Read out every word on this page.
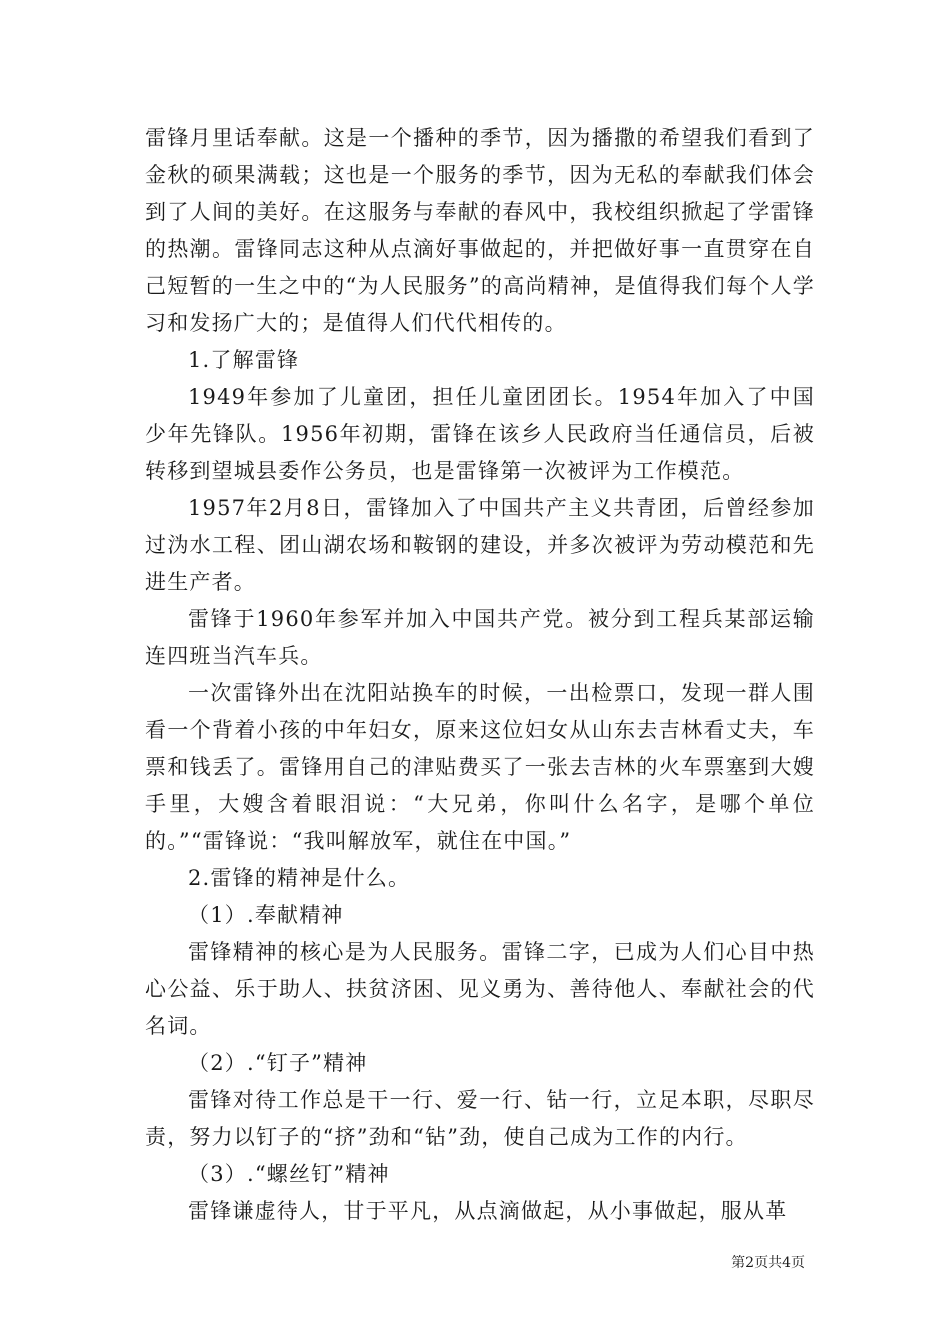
雷锋月里话奉献。这是一个播种的季节，因为播撒的希望我们看到了金秋的硕果满载；这也是一个服务的季节，因为无私的奉献我们体会到了人间的美好。在这服务与奉献的春风中，我校组织掀起了学雷锋的热潮。雷锋同志这种从点滴好事做起的，并把做好事一直贯穿在自己短暂的一生之中的“为人民服务”的高尚精神，是值得我们每个人学习和发扬广大的；是值得人们代代相传的。

1.了解雷锋

1949年参加了儿童团，担任儿童团团长。1954年加入了中国少年先锋队。1956年初期，雷锋在该乡人民政府当任通信员，后被转移到望城县委作公务员，也是雷锋第一次被评为工作模范。

1957年2月8日，雷锋加入了中国共产主义共青团，后曾经参加过沩水工程、团山湖农场和鞍钢的建设，并多次被评为劳动模范和先进生产者。

雷锋于1960年参军并加入中国共产党。被分到工程兵某部运输连四班当汽车兵。

一次雷锋外出在沈阳站换车的时候，一出检票口，发现一群人围看一个背着小孩的中年妇女，原来这位妇女从山东去吉林看丈夫，车票和钱丢了。雷锋用自己的津贴费买了一张去吉林的火车票塞到大嫂手里，大嫂含着眼泪说：“大兄弟，你叫什么名字，是哪个单位的。”“雷锋说：“我叫解放军，就住在中国。”

2.雷锋的精神是什么。

（1）.奉献精神

雷锋精神的核心是为人民服务。雷锋二字，已成为人们心目中热心公益、乐于助人、扶贫济困、见义勇为、善待他人、奉献社会的代名词。

（2）.“钉子”精神

雷锋对待工作总是干一行、爱一行、钻一行，立足本职，尽职尽责，努力以钉子的“挤”劲和“钻”劲，使自己成为工作的内行。

（3）.“螺丝钉”精神

雷锋谦虚待人，甘于平凡，从点滴做起，从小事做起，服从革

第2页共4页
